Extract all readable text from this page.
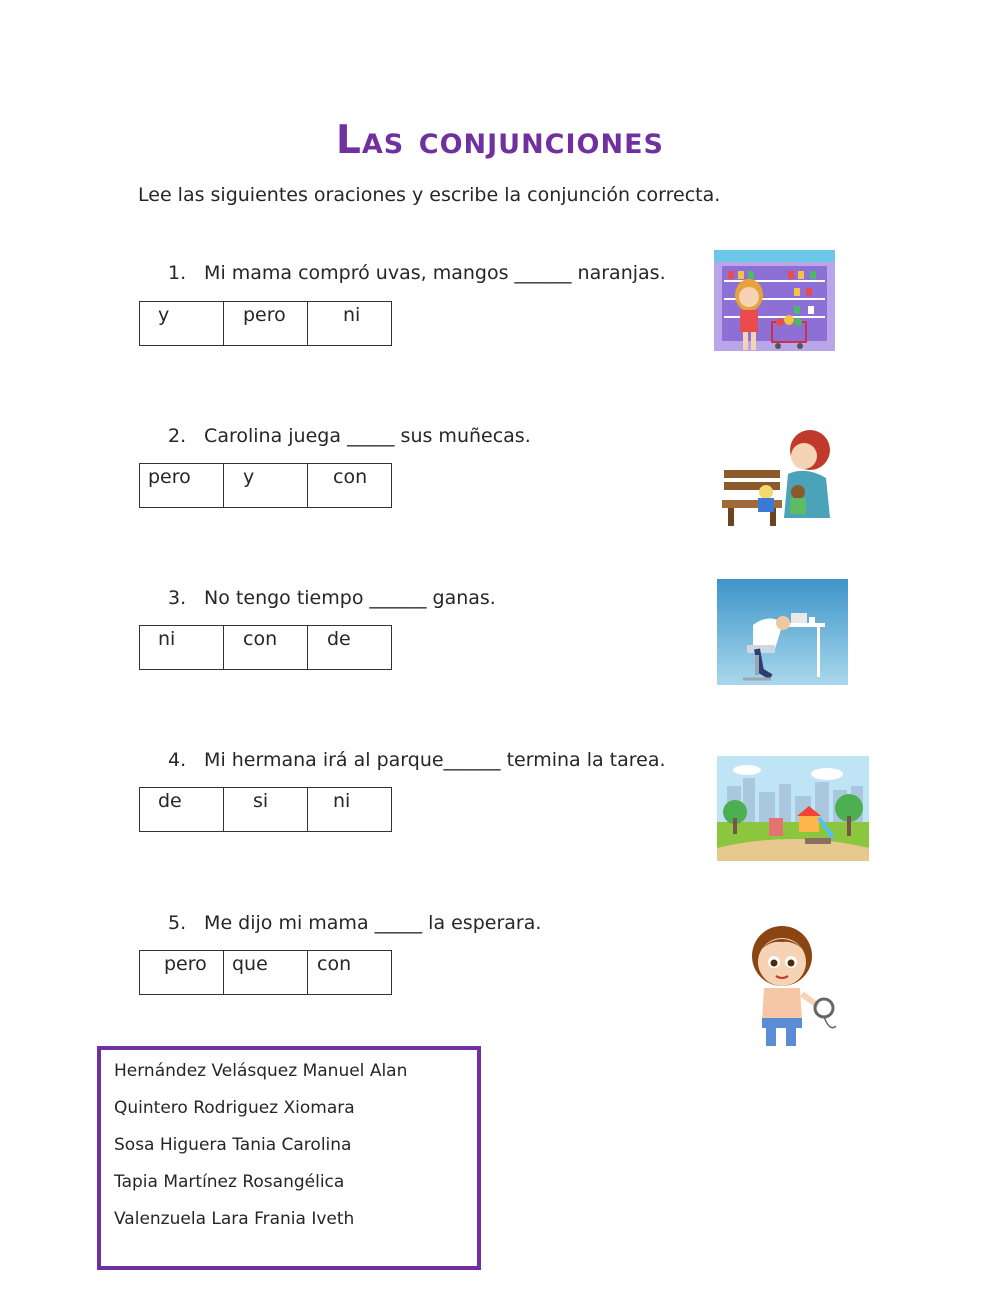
Las conjunciones

Lee las siguientes oraciones y escribe la conjunción correcta.

1. Mi mama compró uvas, mangos ______ naranjas.
y	pero	ni
2. Carolina juega _____ sus muñecas.
pero	y	con
3. No tengo tiempo ______ ganas.
ni	con	de
4. Mi hermana irá al parque______ termina la tarea.
de	si	ni
5. Me dijo mi mama _____ la esperara.
pero	que	con
Hernández Velásquez Manuel Alan
Quintero Rodriguez Xiomara
Sosa Higuera Tania Carolina
Tapia Martínez Rosangélica
Valenzuela Lara Frania Iveth
